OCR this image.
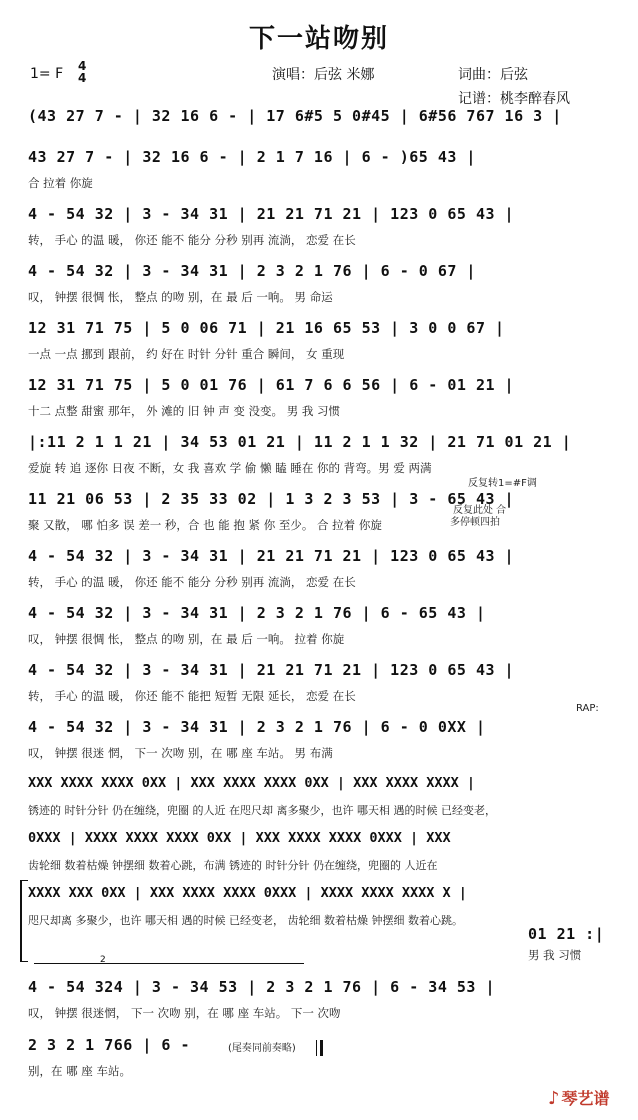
下一站吻别
1= F 4
4	演唱：后弦 米娜	词曲：后弦
记谱：桃李醉春风
(43 27 7 - | 32 16 6 - | 17 6#5 5 0#45 | 6#56 767 16 3 |
43 27 7 - | 32 16 6 - | 2 1 7 16 | 6 - )65 43 |
合 拉着 你旋
4 - 54 32 | 3 - 34 31 | 21 21 71 21 | 123 0 65 43 |
转， 手心 的温 暖， 你还 能不 能分 分秒 别再 流淌， 恋爱 在长
4 - 54 32 | 3 - 34 31 | 2 3 2 1 76 | 6 - 0 67 |
叹， 钟摆 很惆 怅， 整点 的吻 别，在 最 后 一响。 男 命运
12 31 71 75 | 5 0 06 71 | 21 16 65 53 | 3 0 0 67 |
一点 一点 挪到 跟前， 约 好在 时针 分针 重合 瞬间， 女 重现
12 31 71 75 | 5 0 01 76 | 61 7 6 6 56 | 6 - 01 21 |
十二 点整 甜蜜 那年， 外 滩的 旧 钟 声 变 没变。 男 我 习惯
|:11 2 1 1 21 | 34 53 01 21 | 11 2 1 1 32 | 21 71 01 21 |
爱旋 转 追 逐你 日夜 不断，女 我 喜欢 学 偷 懒 瞌 睡在 你的 背弯。男 爱 两满
11 21 06 53 | 2 35 33 02 | 1 3 2 3 53 | 3 - 65 43 |
聚 又散， 哪 怕多 误 差一 秒，合 也 能 抱 紧 你 至少。 合 拉着 你旋
反复转1=#F调
反复此处 合
多停顿四拍
4 - 54 32 | 3 - 34 31 | 21 21 71 21 | 123 0 65 43 |
转， 手心 的温 暖， 你还 能不 能分 分秒 别再 流淌， 恋爱 在长
4 - 54 32 | 3 - 34 31 | 2 3 2 1 76 | 6 - 65 43 |
叹， 钟摆 很惆 怅， 整点 的吻 别，在 最 后 一响。 拉着 你旋
4 - 54 32 | 3 - 34 31 | 21 21 71 21 | 123 0 65 43 |
转， 手心 的温 暖， 你还 能不 能把 短暂 无限 延长， 恋爱 在长
4 - 54 32 | 3 - 34 31 | 2 3 2 1 76 | 6 - 0 0XX |
叹， 钟摆 很迷 惘， 下一 次吻 别，在 哪 座 车站。 男 布满
RAP:
XXX XXXX XXXX 0XX | XXX XXXX XXXX 0XX | XXX XXXX XXXX |
锈迹的 时针分针 仍在缠绕，兜圈 的人近 在咫尺却 离多聚少，也许 哪天相 遇的时候 已经变老，
0XXX | XXXX XXXX XXXX 0XX | XXX XXXX XXXX 0XXX | XXX
齿轮细 数着枯燥 钟摆细 数着心跳，布满 锈迹的 时针分针 仍在缠绕，兜圈的 人近在
XXXX XXX 0XX | XXX XXXX XXXX 0XXX | XXXX XXXX XXXX X |
咫尺却离 多聚少，也许 哪天相 遇的时候 已经变老， 齿轮细 数着枯燥 钟摆细 数着心跳。
01 21 :|
男 我 习惯
2
4 - 54 324 | 3 - 34 53 | 2 3 2 1 76 | 6 - 34 53 |
叹， 钟摆 很迷惘， 下一 次吻 别，在 哪 座 车站。 下一 次吻
2 3 2 1 766 | 6 -
别，在 哪 座 车站。
(尾奏同前奏略)
♪ 琴艺谱
